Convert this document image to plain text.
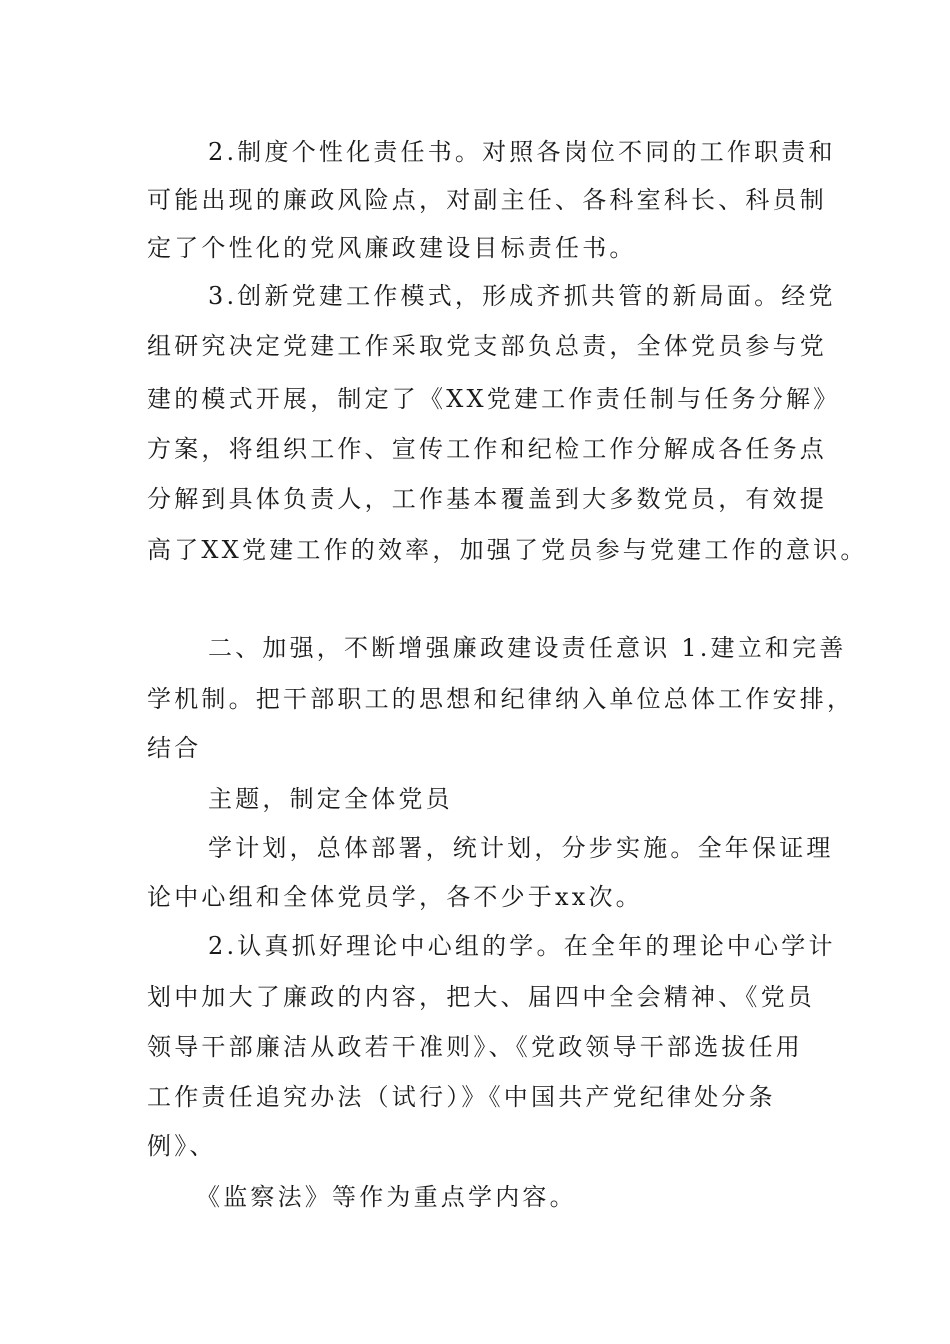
2.制度个性化责任书。对照各岗位不同的工作职责和
可能出现的廉政风险点，对副主任、各科室科长、科员制
定了个性化的党风廉政建设目标责任书。
3.创新党建工作模式，形成齐抓共管的新局面。经党
组研究决定党建工作采取党支部负总责，全体党员参与党
建的模式开展，制定了《XX党建工作责任制与任务分解》
方案，将组织工作、宣传工作和纪检工作分解成各任务点
分解到具体负责人，工作基本覆盖到大多数党员，有效提
高了XX党建工作的效率，加强了党员参与党建工作的意识。
二、加强，不断增强廉政建设责任意识 1.建立和完善
学机制。把干部职工的思想和纪律纳入单位总体工作安排，
结合
主题，制定全体党员
学计划，总体部署，统计划，分步实施。全年保证理
论中心组和全体党员学，各不少于xx次。
2.认真抓好理论中心组的学。在全年的理论中心学计
划中加大了廉政的内容，把大、届四中全会精神、《党员
领导干部廉洁从政若干准则》、《党政领导干部选拔任用
工作责任追究办法（试行）》《中国共产党纪律处分条
例》、
《监察法》等作为重点学内容。
